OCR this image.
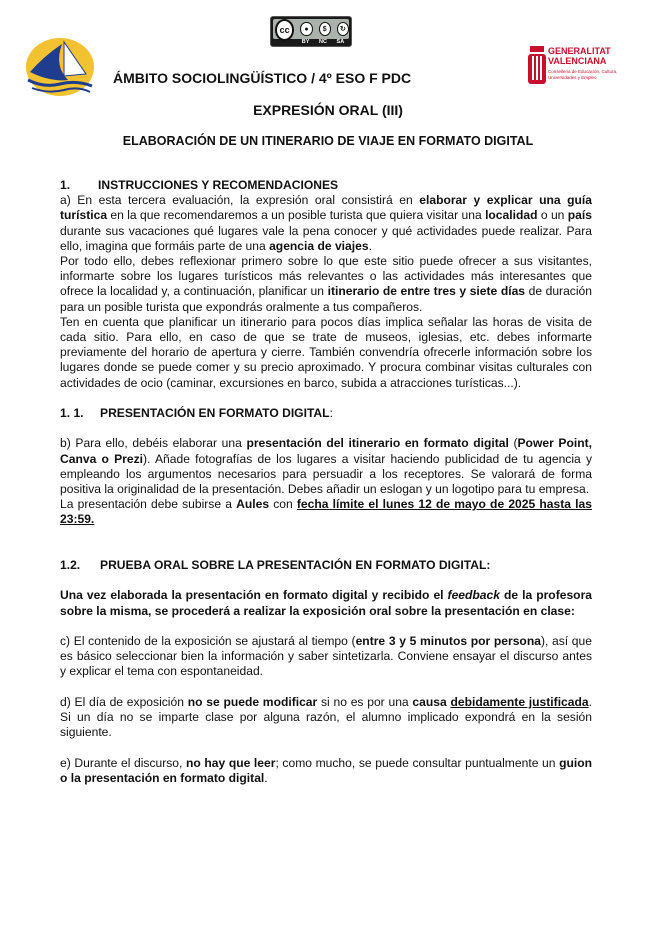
cc	●	$	↻
BY NC SA
GENERALITAT
VALENCIANA
Conselleria de Educación, Cultura, Universidades y Empleo
ÁMBITO SOCIOLINGÜÍSTICO / 4º ESO F PDC
EXPRESIÓN ORAL (III)
ELABORACIÓN DE UN ITINERARIO DE VIAJE EN FORMATO DIGITAL
1.	INSTRUCCIONES Y RECOMENDACIONES

a) En esta tercera evaluación, la expresión oral consistirá en elaborar y explicar una guía turística en la que recomendaremos a un posible turista que quiera visitar una localidad o un país durante sus vacaciones qué lugares vale la pena conocer y qué actividades puede realizar. Para ello, imagina que formáis parte de una agencia de viajes.

Por todo ello, debes reflexionar primero sobre lo que este sitio puede ofrecer a sus visitantes, informarte sobre los lugares turísticos más relevantes o las actividades más interesantes que ofrece la localidad y, a continuación, planificar un itinerario de entre tres y siete días de duración para un posible turista que expondrás oralmente a tus compañeros.

Ten en cuenta que planificar un itinerario para pocos días implica señalar las horas de visita de cada sitio. Para ello, en caso de que se trate de museos, iglesias, etc. debes informarte previamente del horario de apertura y cierre. También convendría ofrecerle información sobre los lugares donde se puede comer y su precio aproximado. Y procura combinar visitas culturales con actividades de ocio (caminar, excursiones en barco, subida a atracciones turísticas...).

1. 1.	PRESENTACIÓN EN FORMATO DIGITAL:

b) Para ello, debéis elaborar una presentación del itinerario en formato digital (Power Point, Canva o Prezi). Añade fotografías de los lugares a visitar haciendo publicidad de tu agencia y empleando los argumentos necesarios para persuadir a los receptores. Se valorará de forma positiva la originalidad de la presentación. Debes añadir un eslogan y un logotipo para tu empresa.

La presentación debe subirse a Aules con fecha límite el lunes 12 de mayo de 2025 hasta las 23:59.

1.2.	PRUEBA ORAL SOBRE LA PRESENTACIÓN EN FORMATO DIGITAL:

Una vez elaborada la presentación en formato digital y recibido el feedback de la profesora sobre la misma, se procederá a realizar la exposición oral sobre la presentación en clase:

c) El contenido de la exposición se ajustará al tiempo (entre 3 y 5 minutos por persona), así que es básico seleccionar bien la información y saber sintetizarla. Conviene ensayar el discurso antes y explicar el tema con espontaneidad.

d) El día de exposición no se puede modificar si no es por una causa debidamente justificada. Si un día no se imparte clase por alguna razón, el alumno implicado expondrá en la sesión siguiente.

e) Durante el discurso, no hay que leer; como mucho, se puede consultar puntualmente un guion o la presentación en formato digital.
